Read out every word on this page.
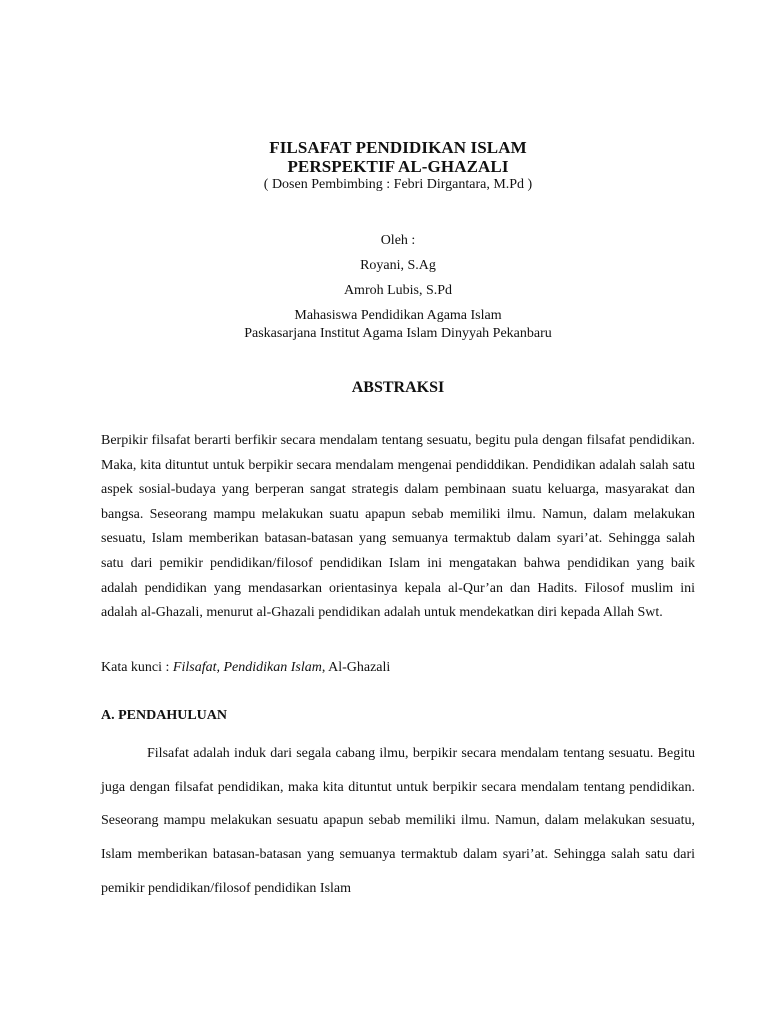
FILSAFAT PENDIDIKAN ISLAM
PERSPEKTIF AL-GHAZALI
( Dosen Pembimbing : Febri Dirgantara, M.Pd )
Oleh :
Royani, S.Ag
Amroh Lubis, S.Pd
Mahasiswa Pendidikan Agama Islam
Paskasarjana Institut Agama Islam Dinyyah Pekanbaru
ABSTRAKSI

Berpikir filsafat berarti berfikir secara mendalam tentang sesuatu, begitu pula dengan filsafat pendidikan. Maka, kita dituntut untuk berpikir secara mendalam mengenai pendiddikan. Pendidikan adalah salah satu aspek sosial-budaya yang berperan sangat strategis dalam pembinaan suatu keluarga, masyarakat dan bangsa. Seseorang mampu melakukan suatu apapun sebab memiliki ilmu. Namun, dalam melakukan sesuatu, Islam memberikan batasan-batasan yang semuanya termaktub dalam syari’at. Sehingga salah satu dari pemikir pendidikan/filosof pendidikan Islam ini mengatakan bahwa pendidikan yang baik adalah pendidikan yang mendasarkan orientasinya kepala al-Qur’an dan Hadits. Filosof muslim ini adalah al-Ghazali, menurut al-Ghazali pendidikan adalah untuk mendekatkan diri kepada Allah Swt.

Kata kunci : Filsafat, Pendidikan Islam, Al-Ghazali
A. PENDAHULUAN

Filsafat adalah induk dari segala cabang ilmu, berpikir secara mendalam tentang sesuatu. Begitu juga dengan filsafat pendidikan, maka kita dituntut untuk berpikir secara mendalam tentang pendidikan. Seseorang mampu melakukan sesuatu apapun sebab memiliki ilmu. Namun, dalam melakukan sesuatu, Islam memberikan batasan-batasan yang semuanya termaktub dalam syari’at. Sehingga salah satu dari pemikir pendidikan/filosof pendidikan Islam
